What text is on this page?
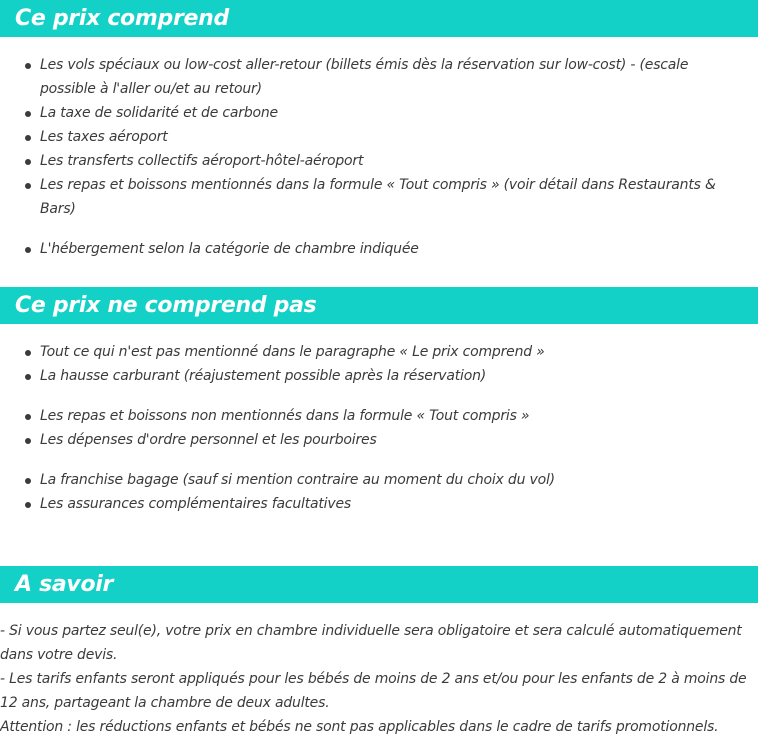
Ce prix comprend
Les vols spéciaux ou low-cost aller-retour (billets émis dès la réservation sur low-cost) - (escale possible à l'aller ou/et au retour)
La taxe de solidarité et de carbone
Les taxes aéroport
Les transferts collectifs aéroport-hôtel-aéroport
Les repas et boissons mentionnés dans la formule « Tout compris » (voir détail dans Restaurants & Bars)
L'hébergement selon la catégorie de chambre indiquée
Ce prix ne comprend pas
Tout ce qui n'est pas mentionné dans le paragraphe « Le prix comprend »
La hausse carburant (réajustement possible après la réservation)
Les repas et boissons non mentionnés dans la formule « Tout compris »
Les dépenses d'ordre personnel et les pourboires
La franchise bagage (sauf si mention contraire au moment du choix du vol)
Les assurances complémentaires facultatives
A savoir

- Si vous partez seul(e), votre prix en chambre individuelle sera obligatoire et sera calculé automatiquement dans votre devis.

- Les tarifs enfants seront appliqués pour les bébés de moins de 2 ans et/ou pour les enfants de 2 à moins de 12 ans, partageant la chambre de deux adultes.

Attention : les réductions enfants et bébés ne sont pas applicables dans le cadre de tarifs promotionnels.
